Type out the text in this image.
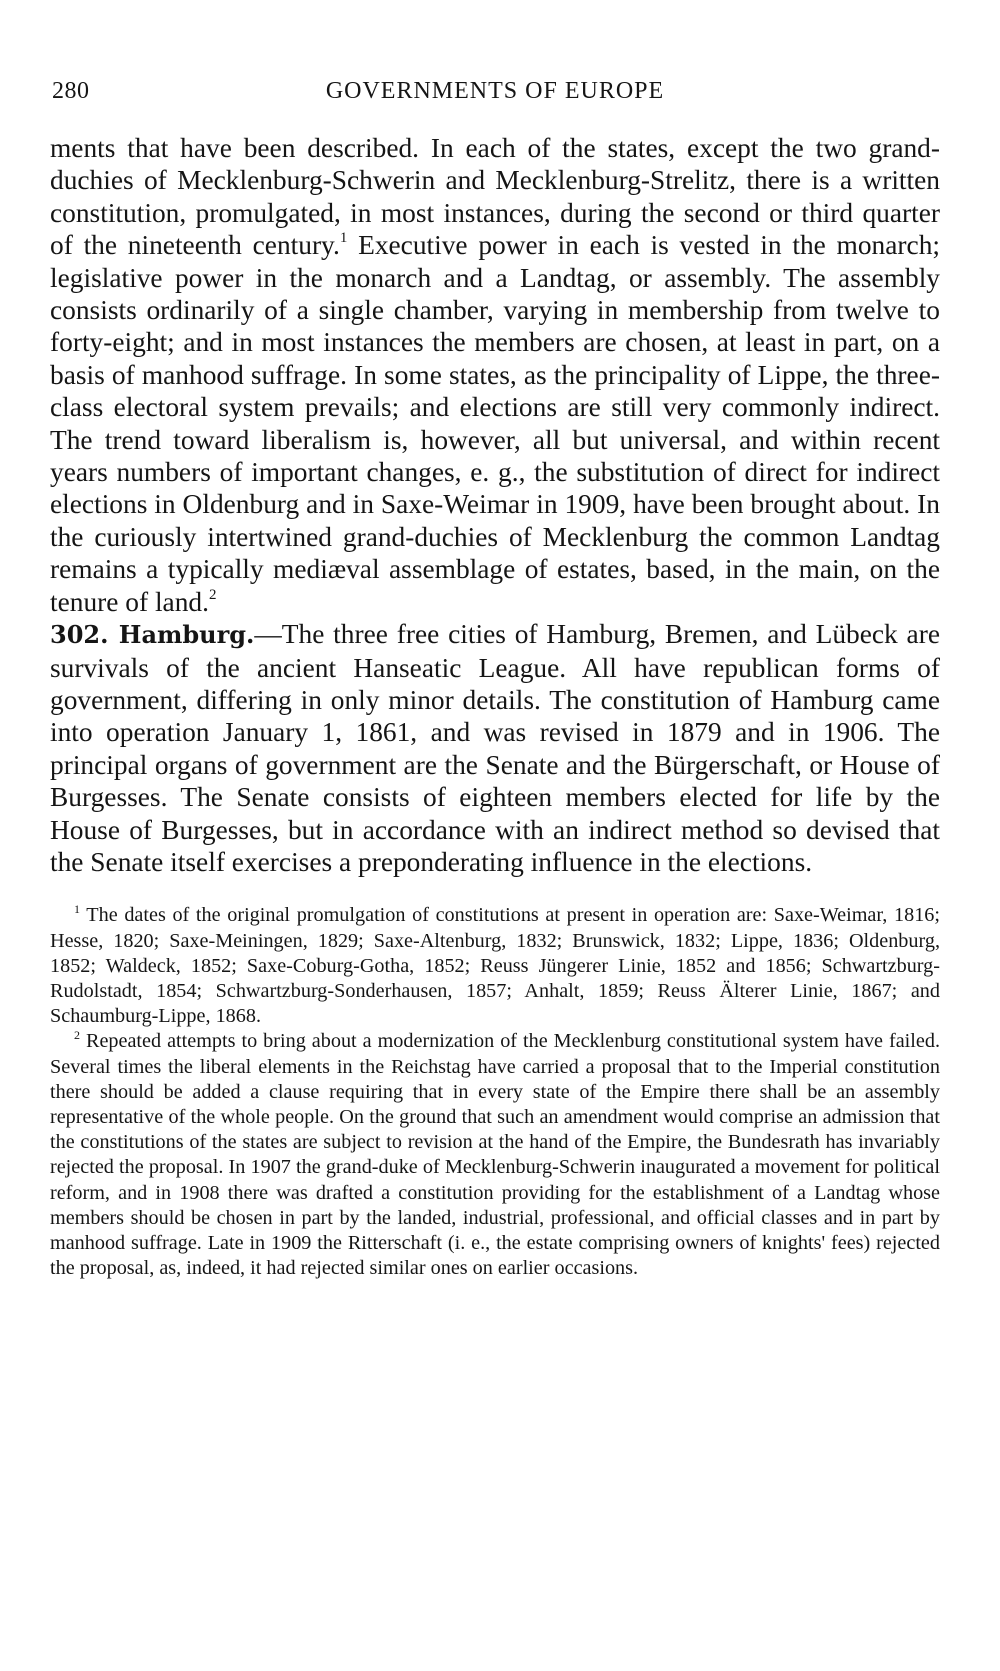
280	GOVERNMENTS OF EUROPE

ments that have been described. In each of the states, except the two grand-duchies of Mecklenburg-Schwerin and Mecklenburg-Strelitz, there is a written constitution, promulgated, in most instances, during the second or third quarter of the nineteenth century.$^1$ Executive power in each is vested in the monarch; legislative power in the monarch and a Landtag, or assembly. The assembly consists ordinarily of a single chamber, varying in membership from twelve to forty-eight; and in most instances the members are chosen, at least in part, on a basis of manhood suffrage. In some states, as the principality of Lippe, the three-class electoral system prevails; and elections are still very commonly indirect. The trend toward liberalism is, however, all but universal, and within recent years numbers of important changes, e. g., the substitution of direct for indirect elections in Oldenburg and in Saxe-Weimar in 1909, have been brought about. In the curiously intertwined grand-duchies of Mecklenburg the common Landtag remains a typically mediæval assemblage of estates, based, in the main, on the tenure of land.$^2$

302. Hamburg.—The three free cities of Hamburg, Bremen, and Lübeck are survivals of the ancient Hanseatic League. All have republican forms of government, differing in only minor details. The constitution of Hamburg came into operation January 1, 1861, and was revised in 1879 and in 1906. The principal organs of government are the Senate and the Bürgerschaft, or House of Burgesses. The Senate consists of eighteen members elected for life by the House of Burgesses, but in accordance with an indirect method so devised that the Senate itself exercises a preponderating influence in the elections.

$^1$ The dates of the original promulgation of constitutions at present in operation are: Saxe-Weimar, 1816; Hesse, 1820; Saxe-Meiningen, 1829; Saxe-Altenburg, 1832; Brunswick, 1832; Lippe, 1836; Oldenburg, 1852; Waldeck, 1852; Saxe-Coburg-Gotha, 1852; Reuss Jüngerer Linie, 1852 and 1856; Schwartzburg-Rudolstadt, 1854; Schwartzburg-Sonderhausen, 1857; Anhalt, 1859; Reuss Älterer Linie, 1867; and Schaumburg-Lippe, 1868.

$^2$ Repeated attempts to bring about a modernization of the Mecklenburg constitutional system have failed. Several times the liberal elements in the Reichstag have carried a proposal that to the Imperial constitution there should be added a clause requiring that in every state of the Empire there shall be an assembly representative of the whole people. On the ground that such an amendment would comprise an admission that the constitutions of the states are subject to revision at the hand of the Empire, the Bundesrath has invariably rejected the proposal. In 1907 the grand-duke of Mecklenburg-Schwerin inaugurated a movement for political reform, and in 1908 there was drafted a constitution providing for the establishment of a Landtag whose members should be chosen in part by the landed, industrial, professional, and official classes and in part by manhood suffrage. Late in 1909 the Ritterschaft (i. e., the estate comprising owners of knights' fees) rejected the proposal, as, indeed, it had rejected similar ones on earlier occasions.
